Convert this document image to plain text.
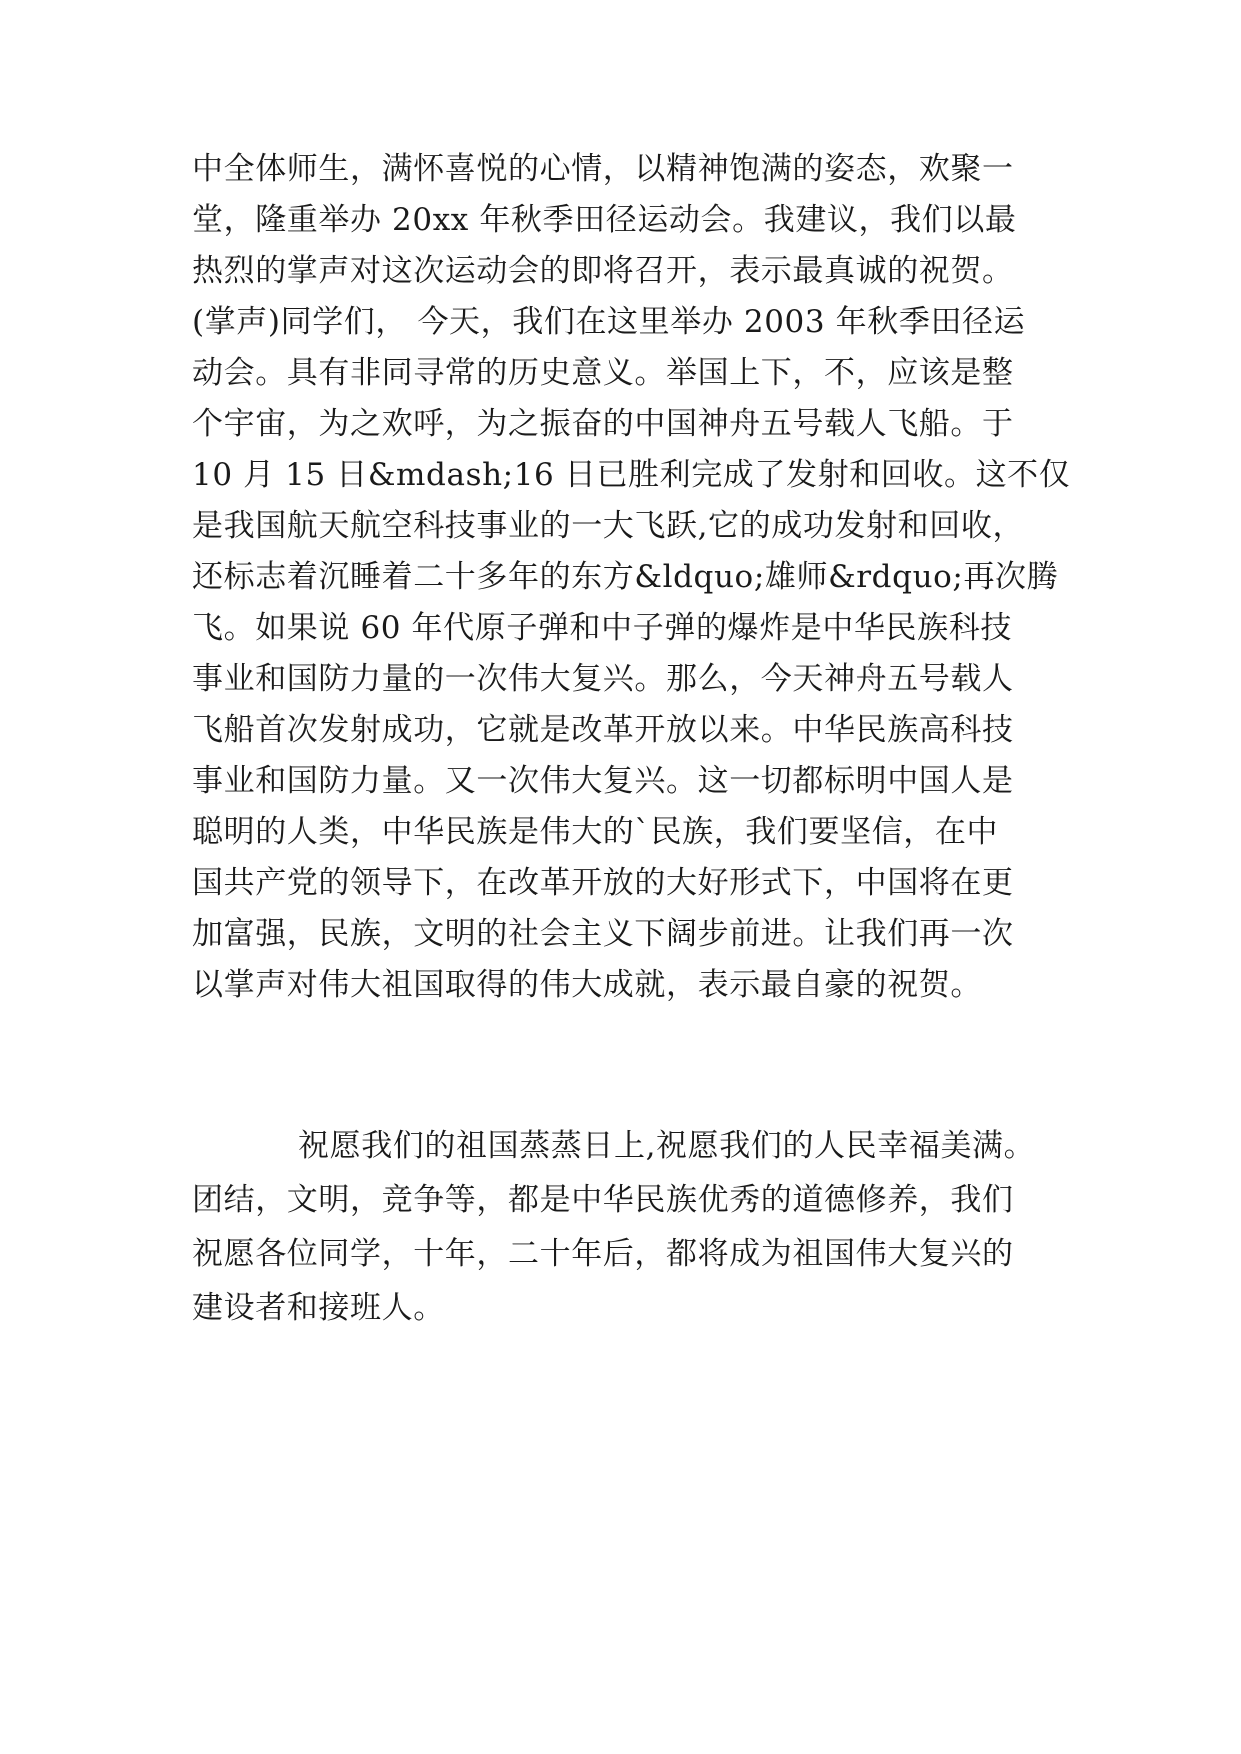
中全体师生，满怀喜悦的心情，以精神饱满的姿态，欢聚一
堂，隆重举办 20xx 年秋季田径运动会。我建议，我们以最
热烈的掌声对这次运动会的即将召开，表示最真诚的祝贺。
(掌声)同学们， 今天，我们在这里举办 2003 年秋季田径运
动会。具有非同寻常的历史意义。举国上下，不，应该是整
个宇宙，为之欢呼，为之振奋的中国神舟五号载人飞船。于
10 月 15 日&mdash;16 日已胜利完成了发射和回收。这不仅
是我国航天航空科技事业的一大飞跃,它的成功发射和回收，
还标志着沉睡着二十多年的东方&ldquo;雄师&rdquo;再次腾
飞。如果说 60 年代原子弹和中子弹的爆炸是中华民族科技
事业和国防力量的一次伟大复兴。那么，今天神舟五号载人
飞船首次发射成功，它就是改革开放以来。中华民族高科技
事业和国防力量。又一次伟大复兴。这一切都标明中国人是
聪明的人类，中华民族是伟大的`民族，我们要坚信，在中
国共产党的领导下，在改革开放的大好形式下，中国将在更
加富强，民族，文明的社会主义下阔步前进。让我们再一次
以掌声对伟大祖国取得的伟大成就，表示最自豪的祝贺。
祝愿我们的祖国蒸蒸日上,祝愿我们的人民幸福美满。
团结，文明，竞争等，都是中华民族优秀的道德修养，我们
祝愿各位同学，十年，二十年后，都将成为祖国伟大复兴的
建设者和接班人。
